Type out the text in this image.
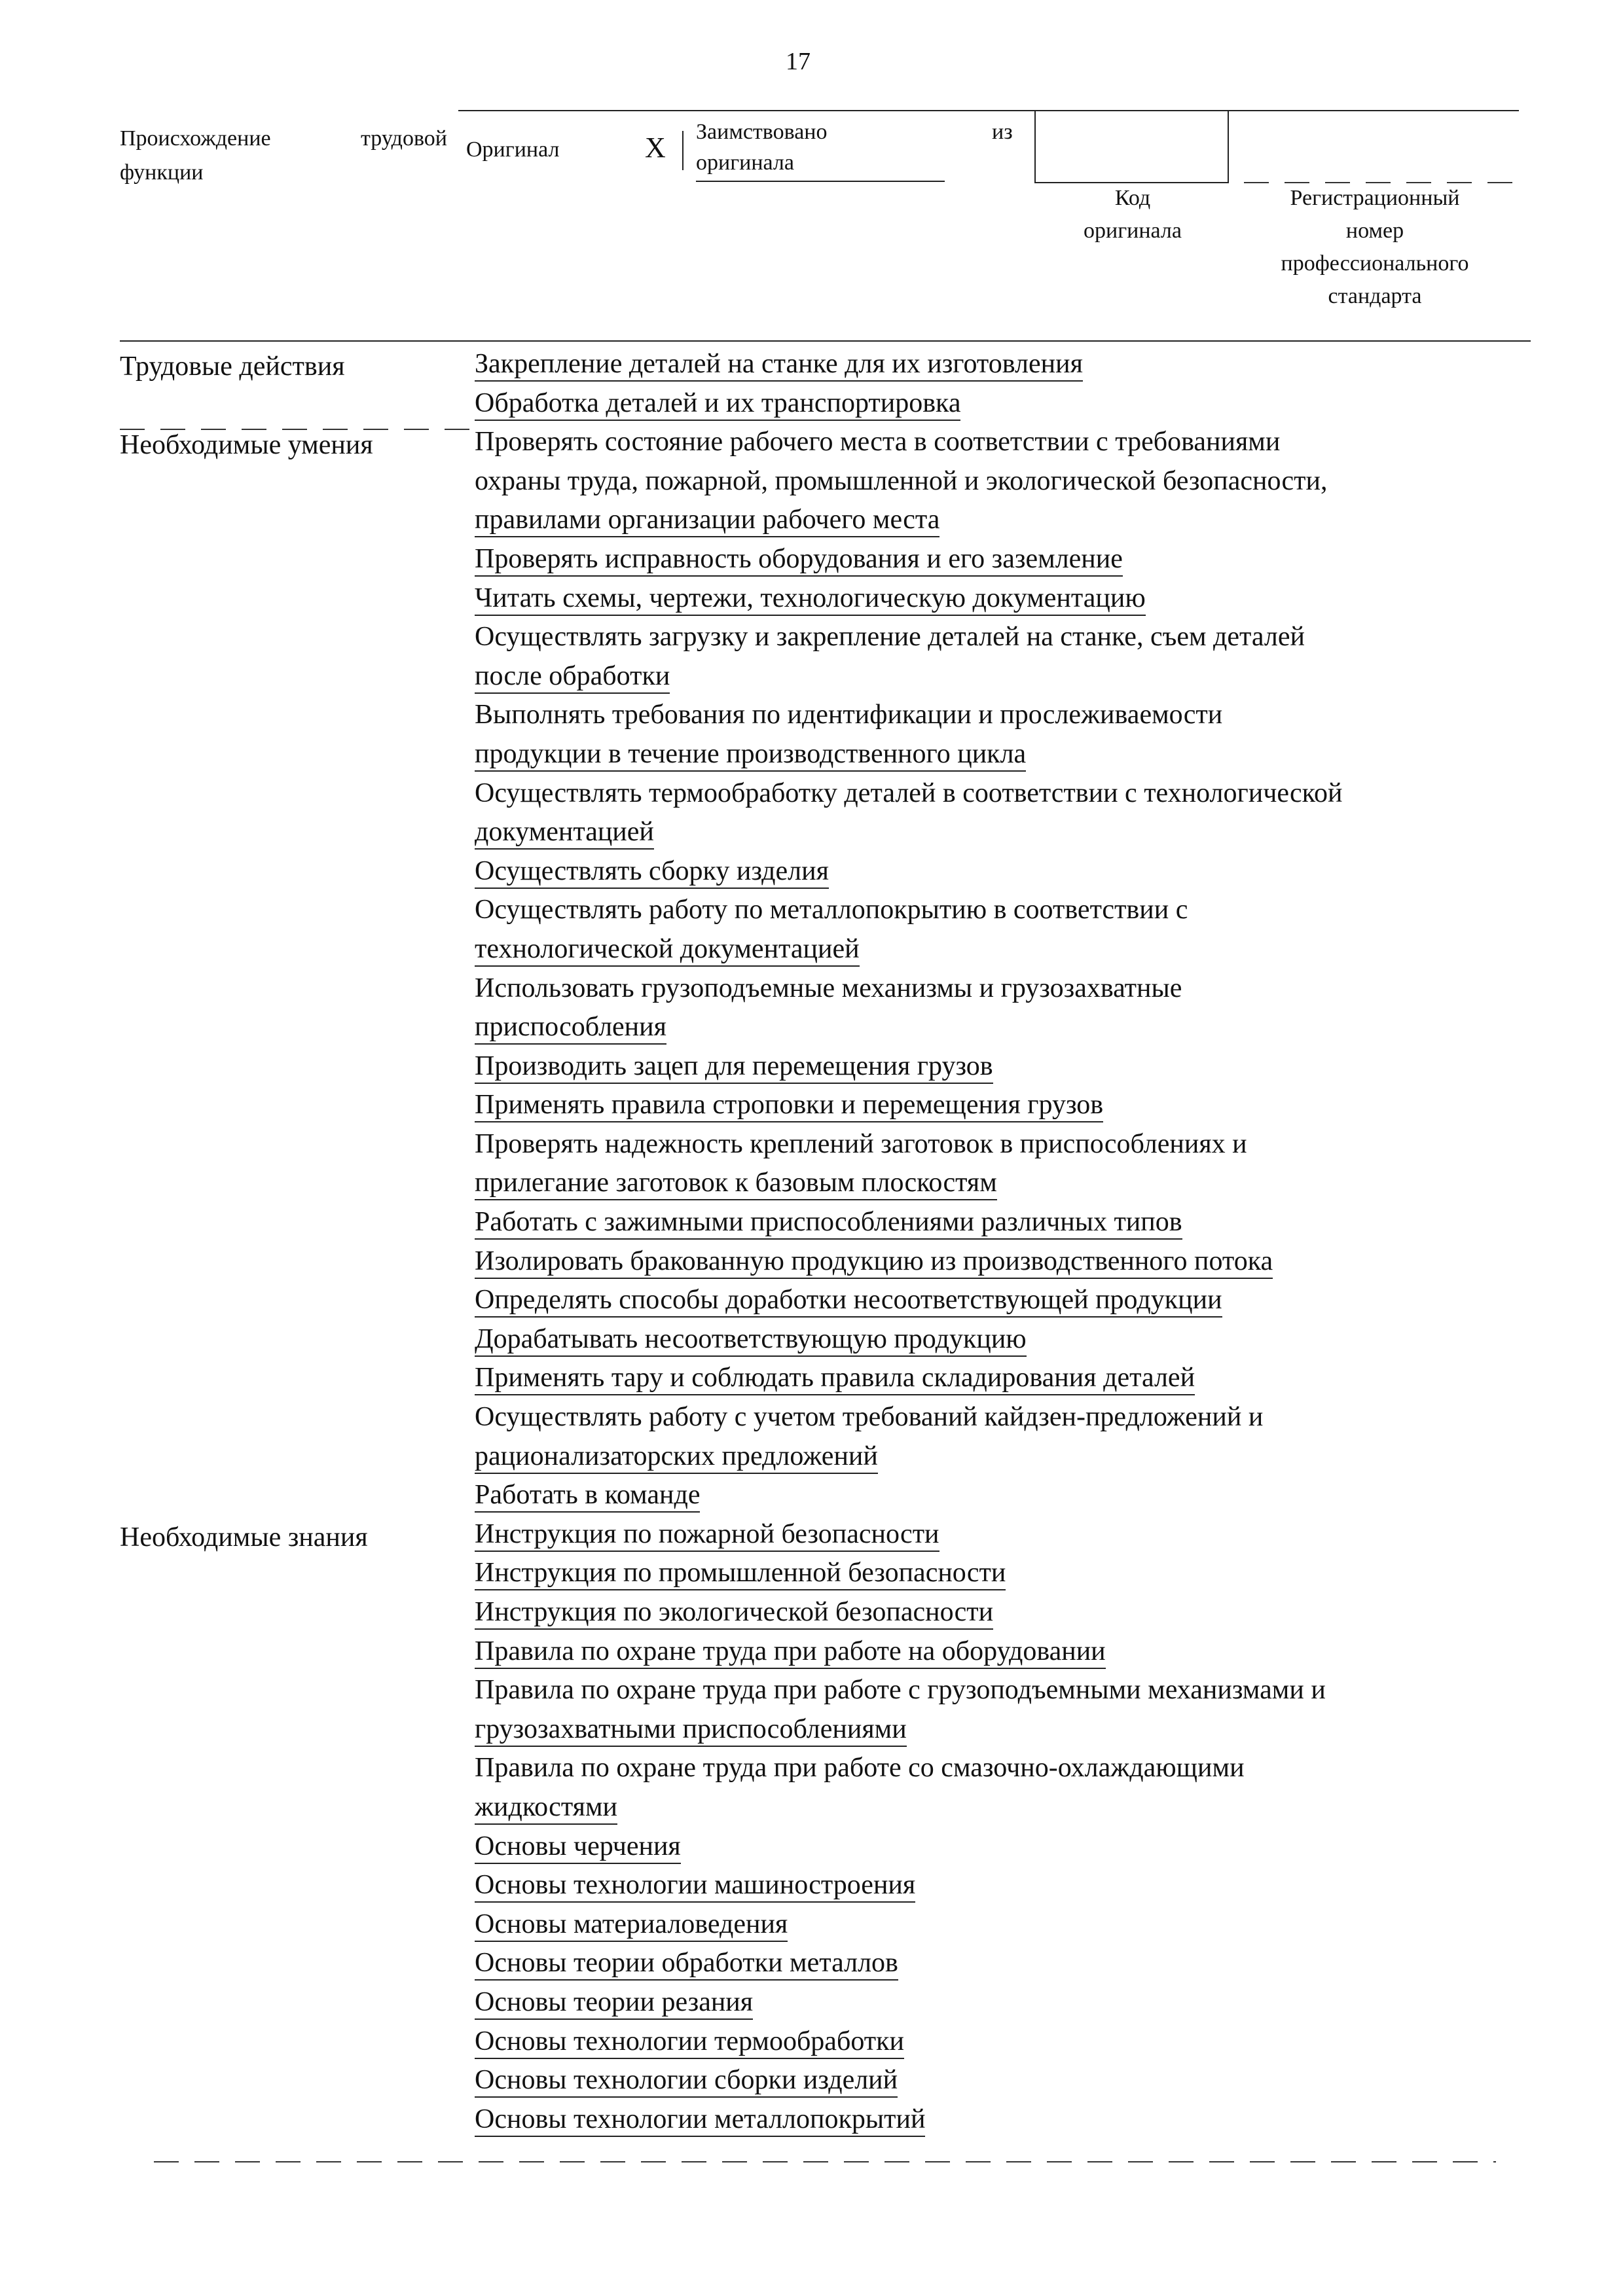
17
Происхождение трудовой
функции
Оригинал	X Заимствовано
оригинала
из
Код
оригинала
Регистрационный
номер
профессионального
стандарта
Трудовые действия
Необходимые умения
Необходимые знания
Закрепление деталей на станке для их изготовления
Обработка деталей и их транспортировка
Проверять состояние рабочего места в соответствии с требованиями
охраны труда, пожарной, промышленной и экологической безопасности,
правилами организации рабочего места
Проверять исправность оборудования и его заземление
Читать схемы, чертежи, технологическую документацию
Осуществлять загрузку и закрепление деталей на станке, съем деталей
после обработки
Выполнять требования по идентификации и прослеживаемости
продукции в течение производственного цикла
Осуществлять термообработку деталей в соответствии с технологической
документацией
Осуществлять сборку изделия
Осуществлять работу по металлопокрытию в соответствии с
технологической документацией
Использовать грузоподъемные механизмы и грузозахватные
приспособления
Производить зацеп для перемещения грузов
Применять правила строповки и перемещения грузов
Проверять надежность креплений заготовок в приспособлениях и
прилегание заготовок к базовым плоскостям
Работать с зажимными приспособлениями различных типов
Изолировать бракованную продукцию из производственного потока
Определять способы доработки несоответствующей продукции
Дорабатывать несоответствующую продукцию
Применять тару и соблюдать правила складирования деталей
Осуществлять работу с учетом требований кайдзен-предложений и
рационализаторских предложений
Работать в команде
Инструкция по пожарной безопасности
Инструкция по промышленной безопасности
Инструкция по экологической безопасности
Правила по охране труда при работе на оборудовании
Правила по охране труда при работе с грузоподъемными механизмами и
грузозахватными приспособлениями
Правила по охране труда при работе со смазочно-охлаждающими
жидкостями
Основы черчения
Основы технологии машиностроения
Основы материаловедения
Основы теории обработки металлов
Основы теории резания
Основы технологии термообработки
Основы технологии сборки изделий
Основы технологии металлопокрытий
